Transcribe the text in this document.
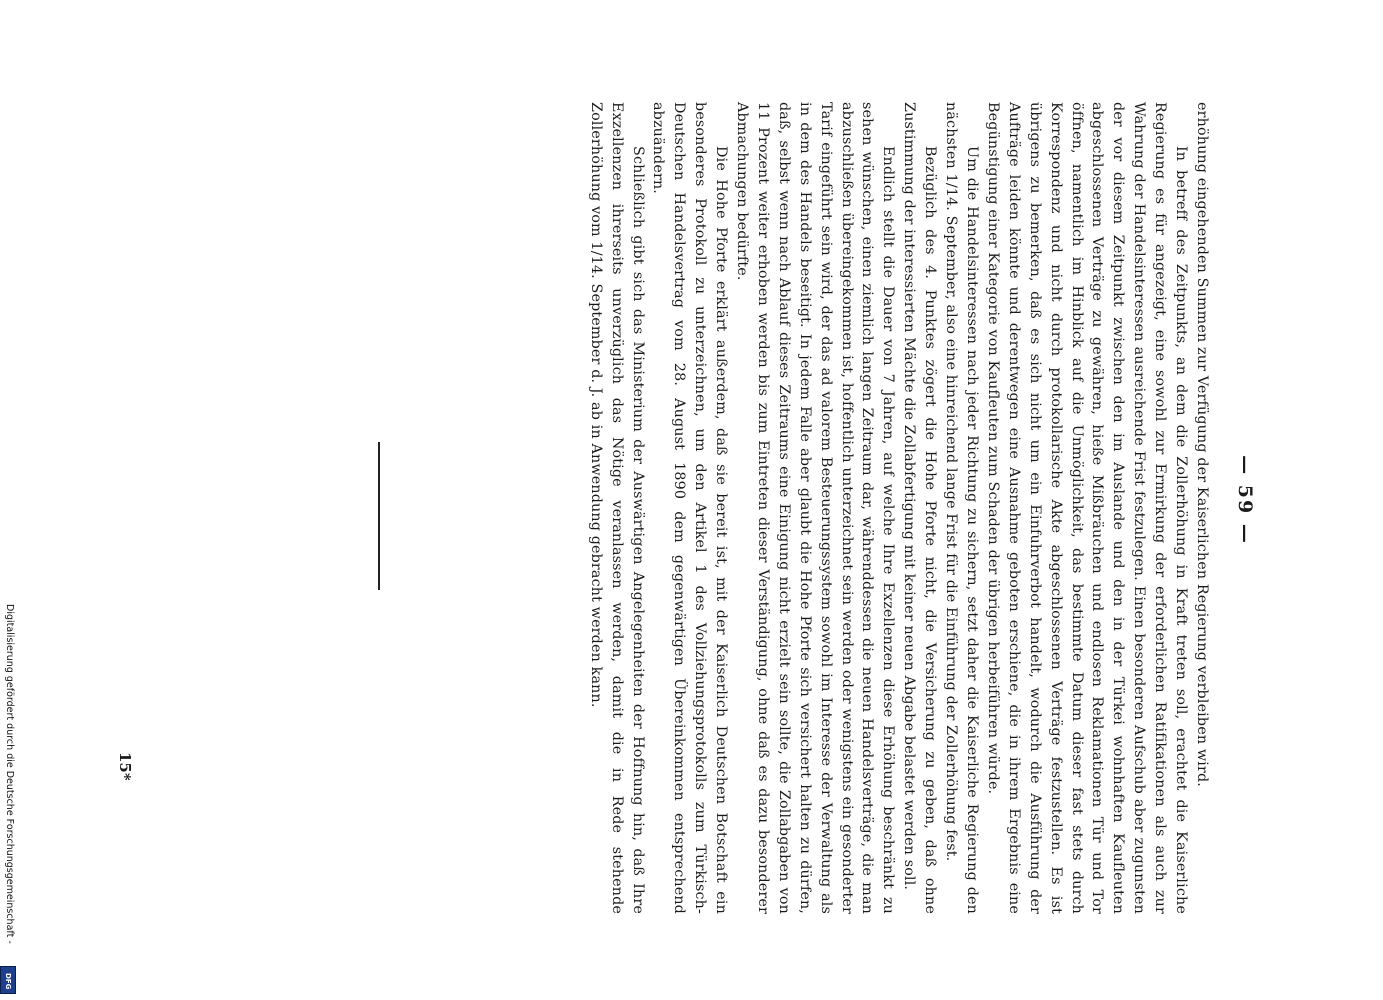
— 59 —

erhöhung eingehenden Summen zur Verfügung der Kaiserlichen Regierung verbleiben wird.

In betreff des Zeitpunkts, an dem die Zollerhöhung in Kraft treten soll, erachtet die Kaiserliche Regierung es für angezeigt, eine sowohl zur Ermirkung der erforderlichen Ratifikationen als auch zur Wahrung der Handelsinteressen ausreichende Frist festzulegen. Einen besonderen Aufschub aber zugunsten der vor diesem Zeitpunkt zwischen den im Auslande und den in der Türkei wohnhaften Kaufleuten abgeschlossenen Verträge zu gewähren, hieße Mißbräuchen und endlosen Reklamationen Tür und Tor öffnen, namentlich im Hinblick auf die Unmöglichkeit, das bestimmte Datum dieser fast stets durch Korrespondenz und nicht durch protokollarische Akte abgeschlossenen Verträge festzustellen. Es ist übrigens zu bemerken, daß es sich nicht um ein Einfuhrverbot handelt, wodurch die Ausführung der Aufträge leiden könnte und derentwegen eine Ausnahme geboten erschiene, die in ihrem Ergebnis eine Begünstigung einer Kategorie von Kaufleuten zum Schaden der übrigen herbeiführen würde.

Um die Handelsinteressen nach jeder Richtung zu sichern, setzt daher die Kaiserliche Regierung den nächsten 1/14. September, also eine hinreichend lange Frist für die Einführung der Zollerhöhung fest.

Bezüglich des 4. Punktes zögert die Hohe Pforte nicht, die Versicherung zu geben, daß ohne Zustimmung der interessierten Mächte die Zollabfertigung mit keiner neuen Abgabe belastet werden soll.

Endlich stellt die Dauer von 7 Jahren, auf welche Ihre Exzellenzen diese Erhöhung beschränkt zu sehen wünschen, einen ziemlich langen Zeitraum dar, währenddessen die neuen Handelsverträge, die man abzuschließen übereingekommen ist, hoffentlich unterzeichnet sein werden oder wenigstens ein gesonderter Tarif eingeführt sein wird, der das ad valorem Besteuerungssystem sowohl im Interesse der Verwaltung als in dem des Handels beseitigt. In jedem Falle aber glaubt die Hohe Pforte sich versichert halten zu dürfen, daß, selbst wenn nach Ablauf dieses Zeitraums eine Einigung nicht erzielt sein sollte, die Zollabgaben von 11 Prozent weiter erhoben werden bis zum Eintreten dieser Verständigung, ohne daß es dazu besonderer Abmachungen bedürfte.

Die Hohe Pforte erklärt außerdem, daß sie bereit ist, mit der Kaiserlich Deutschen Botschaft ein besonderes Protokoll zu unterzeichnen, um den Artikel 1 des Vollziehungsprotokolls zum Türkisch-Deutschen Handelsvertrag vom 28. August 1890 dem gegenwärtigen Übereinkommen entsprechend abzuändern.

Schließlich gibt sich das Ministerium der Auswärtigen Angelegenheiten der Hoffnung hin, daß Ihre Exzellenzen ihrerseits unverzüglich das Nötige veranlassen werden, damit die in Rede stehende Zollerhöhung vom 1/14. September d. J. ab in Anwendung gebracht werden kann.

15*
Digitalisierung gefördert durch die Deutsche Forschungsgemeinschaft -
DFG
